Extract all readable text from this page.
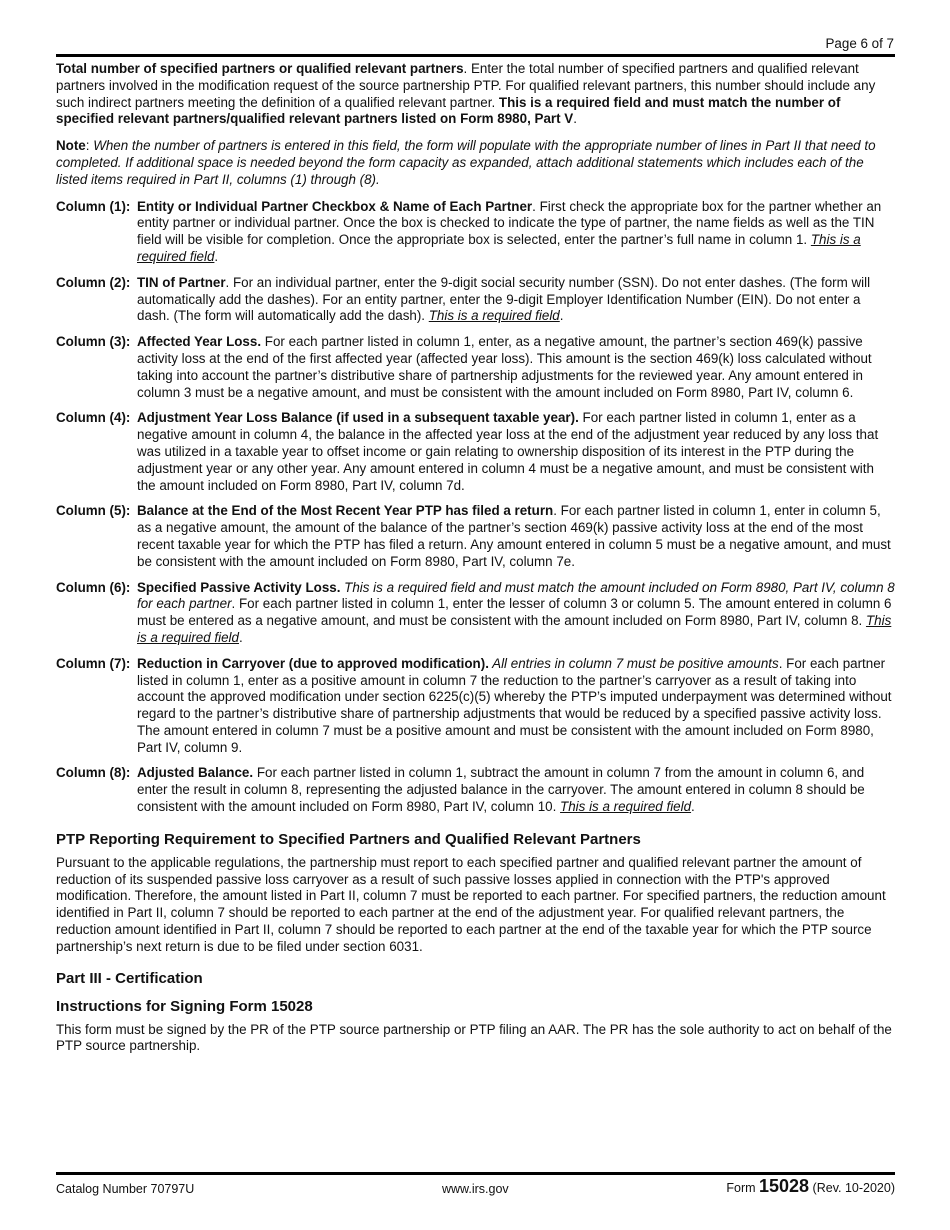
Page 6 of 7

Total number of specified partners or qualified relevant partners. Enter the total number of specified partners and qualified relevant partners involved in the modification request of the source partnership PTP. For qualified relevant partners, this number should include any such indirect partners meeting the definition of a qualified relevant partner. This is a required field and must match the number of specified relevant partners/qualified relevant partners listed on Form 8980, Part V.

Note: When the number of partners is entered in this field, the form will populate with the appropriate number of lines in Part II that need to completed. If additional space is needed beyond the form capacity as expanded, attach additional statements which includes each of the listed items required in Part II, columns (1) through (8).

Column (1): Entity or Individual Partner Checkbox & Name of Each Partner. First check the appropriate box for the partner whether an entity partner or individual partner. Once the box is checked to indicate the type of partner, the name fields as well as the TIN field will be visible for completion. Once the appropriate box is selected, enter the partner’s full name in column 1. This is a required field.
Column (2): TIN of Partner. For an individual partner, enter the 9-digit social security number (SSN). Do not enter dashes. (The form will automatically add the dashes). For an entity partner, enter the 9-digit Employer Identification Number (EIN). Do not enter a dash. (The form will automatically add the dash). This is a required field.
Column (3): Affected Year Loss. For each partner listed in column 1, enter, as a negative amount, the partner’s section 469(k) passive activity loss at the end of the first affected year (affected year loss). This amount is the section 469(k) loss calculated without taking into account the partner’s distributive share of partnership adjustments for the reviewed year. Any amount entered in column 3 must be a negative amount, and must be consistent with the amount included on Form 8980, Part IV, column 6.
Column (4): Adjustment Year Loss Balance (if used in a subsequent taxable year). For each partner listed in column 1, enter as a negative amount in column 4, the balance in the affected year loss at the end of the adjustment year reduced by any loss that was utilized in a taxable year to offset income or gain relating to ownership disposition of its interest in the PTP during the adjustment year or any other year. Any amount entered in column 4 must be a negative amount, and must be consistent with the amount included on Form 8980, Part IV, column 7d.
Column (5): Balance at the End of the Most Recent Year PTP has filed a return. For each partner listed in column 1, enter in column 5, as a negative amount, the amount of the balance of the partner’s section 469(k) passive activity loss at the end of the most recent taxable year for which the PTP has filed a return. Any amount entered in column 5 must be a negative amount, and must be consistent with the amount included on Form 8980, Part IV, column 7e.
Column (6): Specified Passive Activity Loss. This is a required field and must match the amount included on Form 8980, Part IV, column 8 for each partner. For each partner listed in column 1, enter the lesser of column 3 or column 5. The amount entered in column 6 must be entered as a negative amount, and must be consistent with the amount included on Form 8980, Part IV, column 8. This is a required field.
Column (7): Reduction in Carryover (due to approved modification). All entries in column 7 must be positive amounts. For each partner listed in column 1, enter as a positive amount in column 7 the reduction to the partner’s carryover as a result of taking into account the approved modification under section 6225(c)(5) whereby the PTP’s imputed underpayment was determined without regard to the partner’s distributive share of partnership adjustments that would be reduced by a specified passive activity loss. The amount entered in column 7 must be a positive amount and must be consistent with the amount included on Form 8980, Part IV, column 9.
Column (8): Adjusted Balance. For each partner listed in column 1, subtract the amount in column 7 from the amount in column 6, and enter the result in column 8, representing the adjusted balance in the carryover. The amount entered in column 8 should be consistent with the amount included on Form 8980, Part IV, column 10. This is a required field.
PTP Reporting Requirement to Specified Partners and Qualified Relevant Partners

Pursuant to the applicable regulations, the partnership must report to each specified partner and qualified relevant partner the amount of reduction of its suspended passive loss carryover as a result of such passive losses applied in connection with the PTP's approved modification. Therefore, the amount listed in Part II, column 7 must be reported to each partner. For specified partners, the reduction amount identified in Part II, column 7 should be reported to each partner at the end of the adjustment year. For qualified relevant partners, the reduction amount identified in Part II, column 7 should be reported to each partner at the end of the taxable year for which the PTP source partnership’s next return is due to be filed under section 6031.

Part III - Certification
Instructions for Signing Form 15028

This form must be signed by the PR of the PTP source partnership or PTP filing an AAR. The PR has the sole authority to act on behalf of the PTP source partnership.

Catalog Number 70797U	www.irs.gov	Form 15028 (Rev. 10-2020)
